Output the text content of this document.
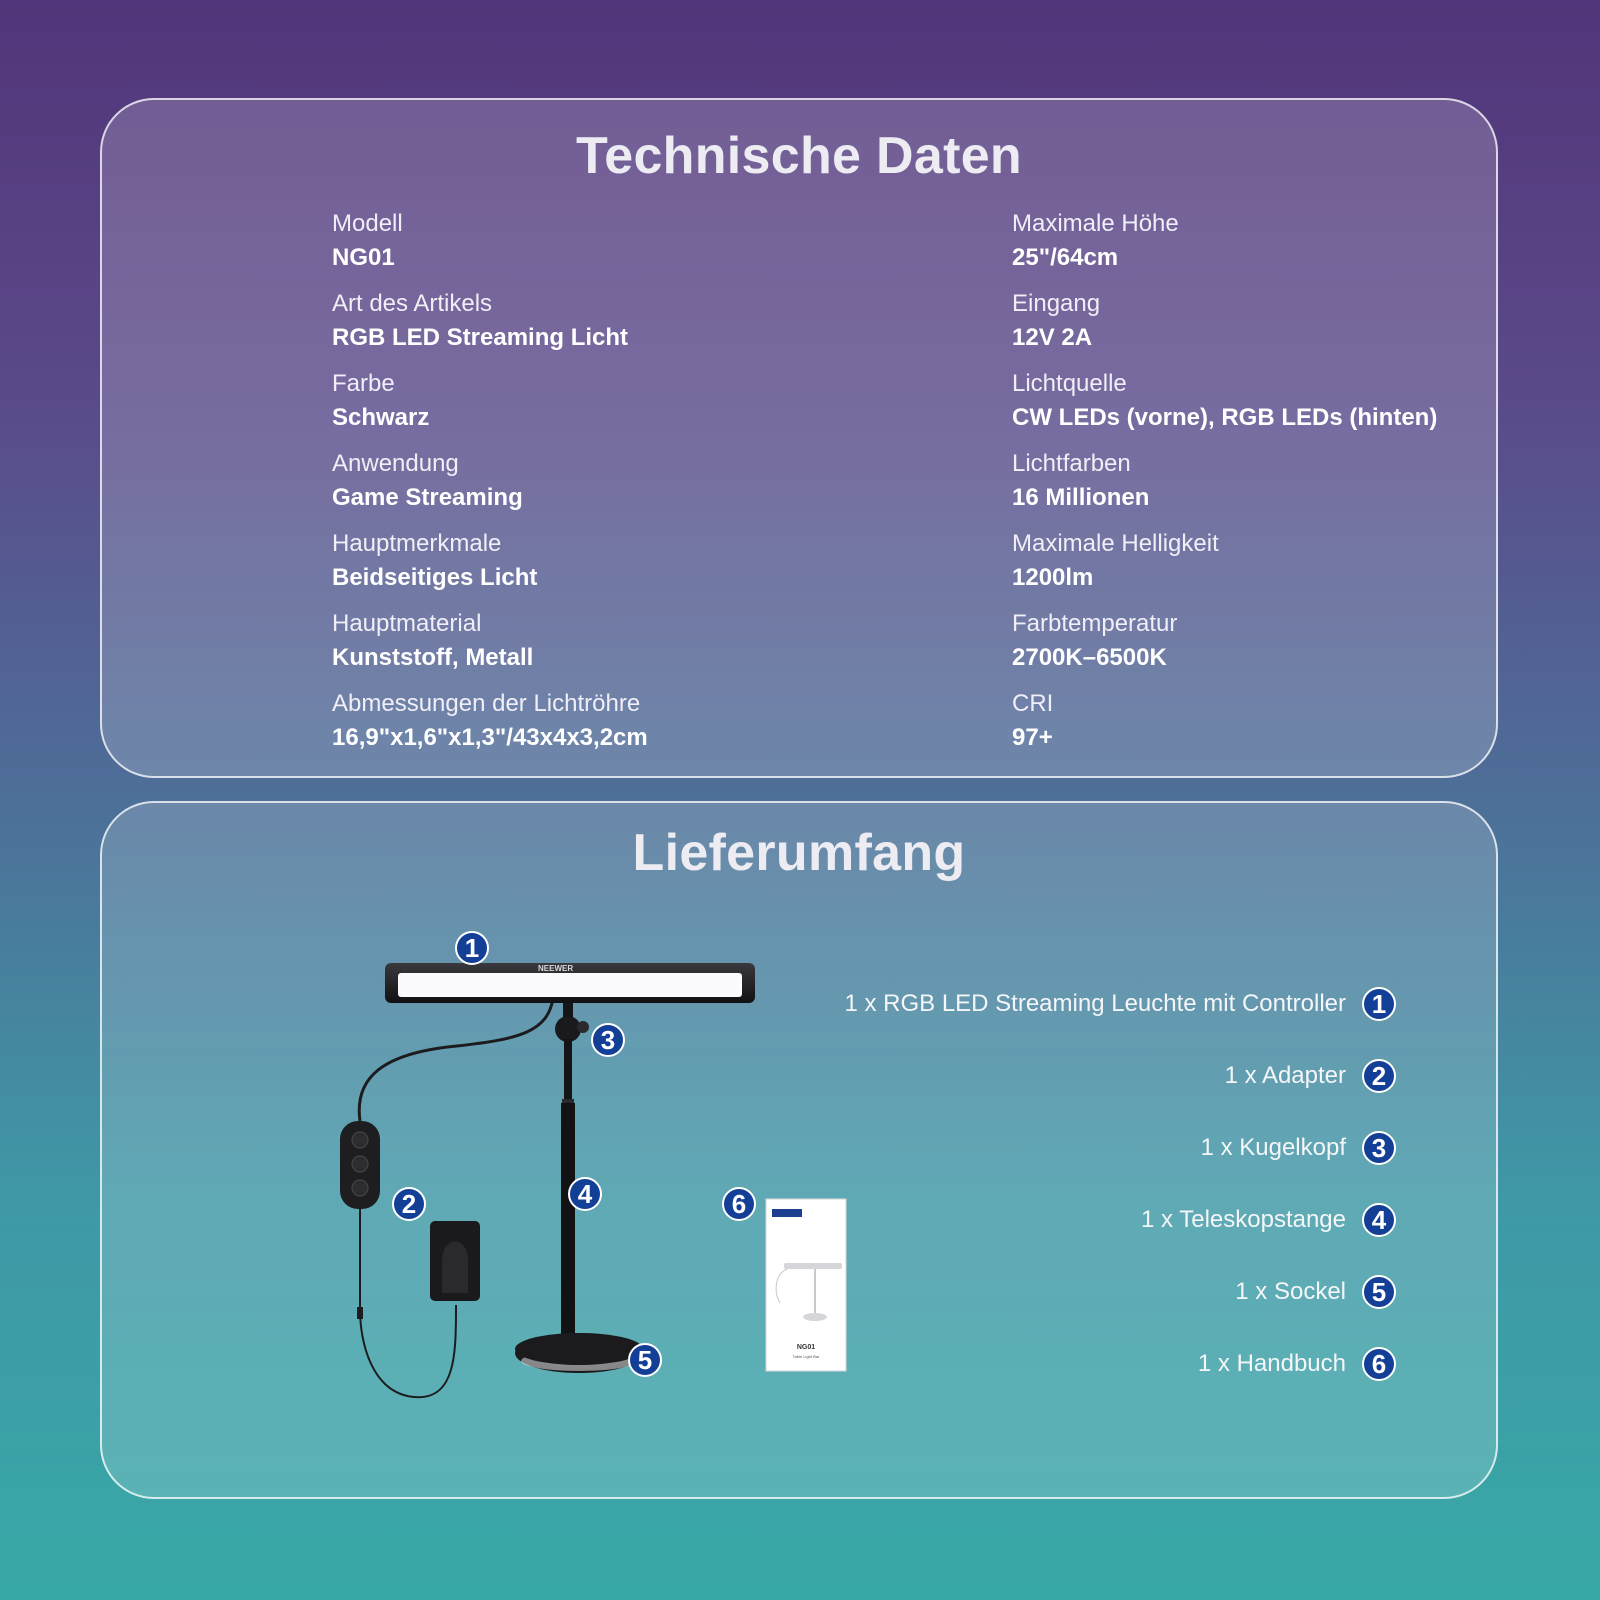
Technische Daten
Modell
NG01
Art des Artikels
RGB LED Streaming Licht
Farbe
Schwarz
Anwendung
Game Streaming
Hauptmerkmale
Beidseitiges Licht
Hauptmaterial
Kunststoff, Metall
Abmessungen der Lichtröhre
16,9"x1,6"x1,3"/43x4x3,2cm
Maximale Höhe
25"/64cm
Eingang
12V 2A
Lichtquelle
CW LEDs (vorne), RGB LEDs (hinten)
Lichtfarben
16 Millionen
Maximale Helligkeit
1200lm
Farbtemperatur
2700K–6500K
CRI
97+
Lieferumfang
NEEWER
NG01
Table Light Bar
1
2
3
4
5
6
1 x RGB LED Streaming Leuchte mit Controller 1
1 x Adapter 2
1 x Kugelkopf 3
1 x Teleskopstange 4
1 x Sockel 5
1 x Handbuch 6
